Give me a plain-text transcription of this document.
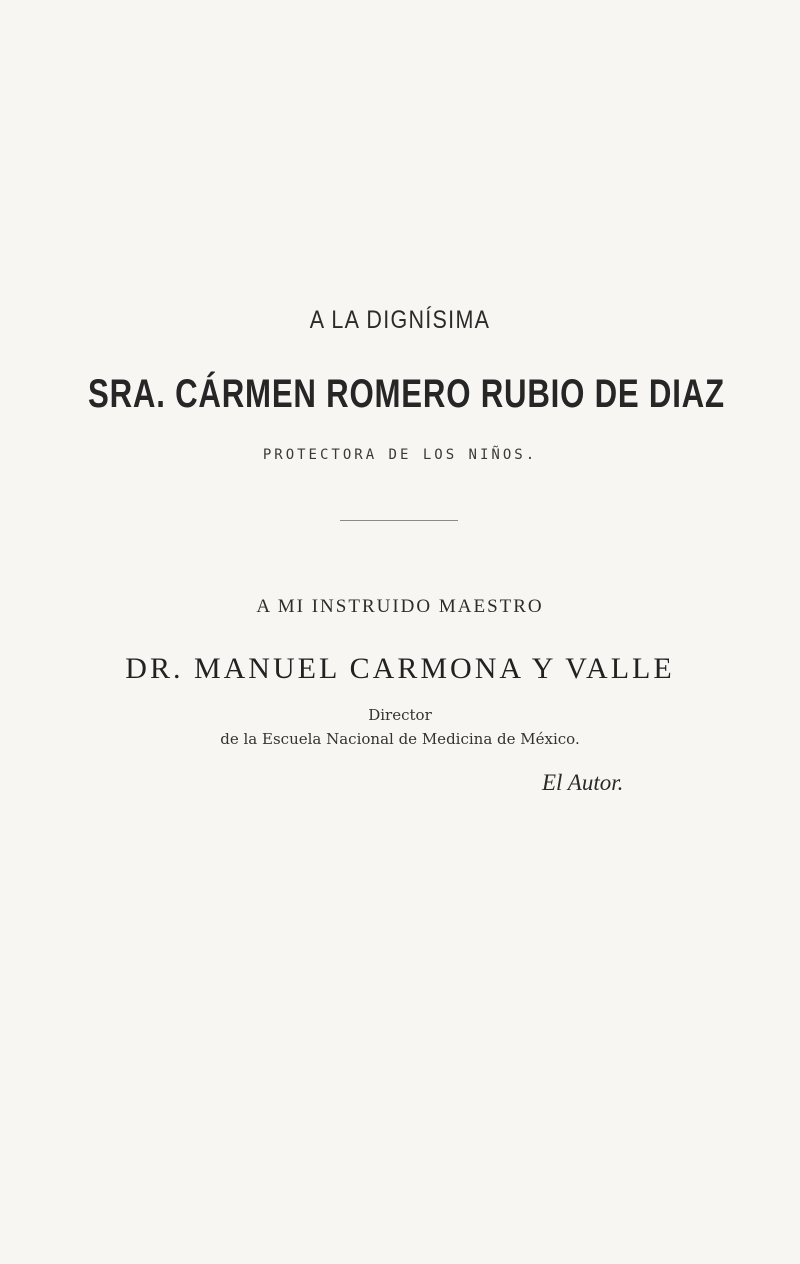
A LA DIGNÍSIMA
SRA. CÁRMEN ROMERO RUBIO DE DIAZ
PROTECTORA DE LOS NIÑOS.
A MI INSTRUIDO MAESTRO
DR. MANUEL CARMONA Y VALLE
Director
de la Escuela Nacional de Medicina de México.
El Autor.
